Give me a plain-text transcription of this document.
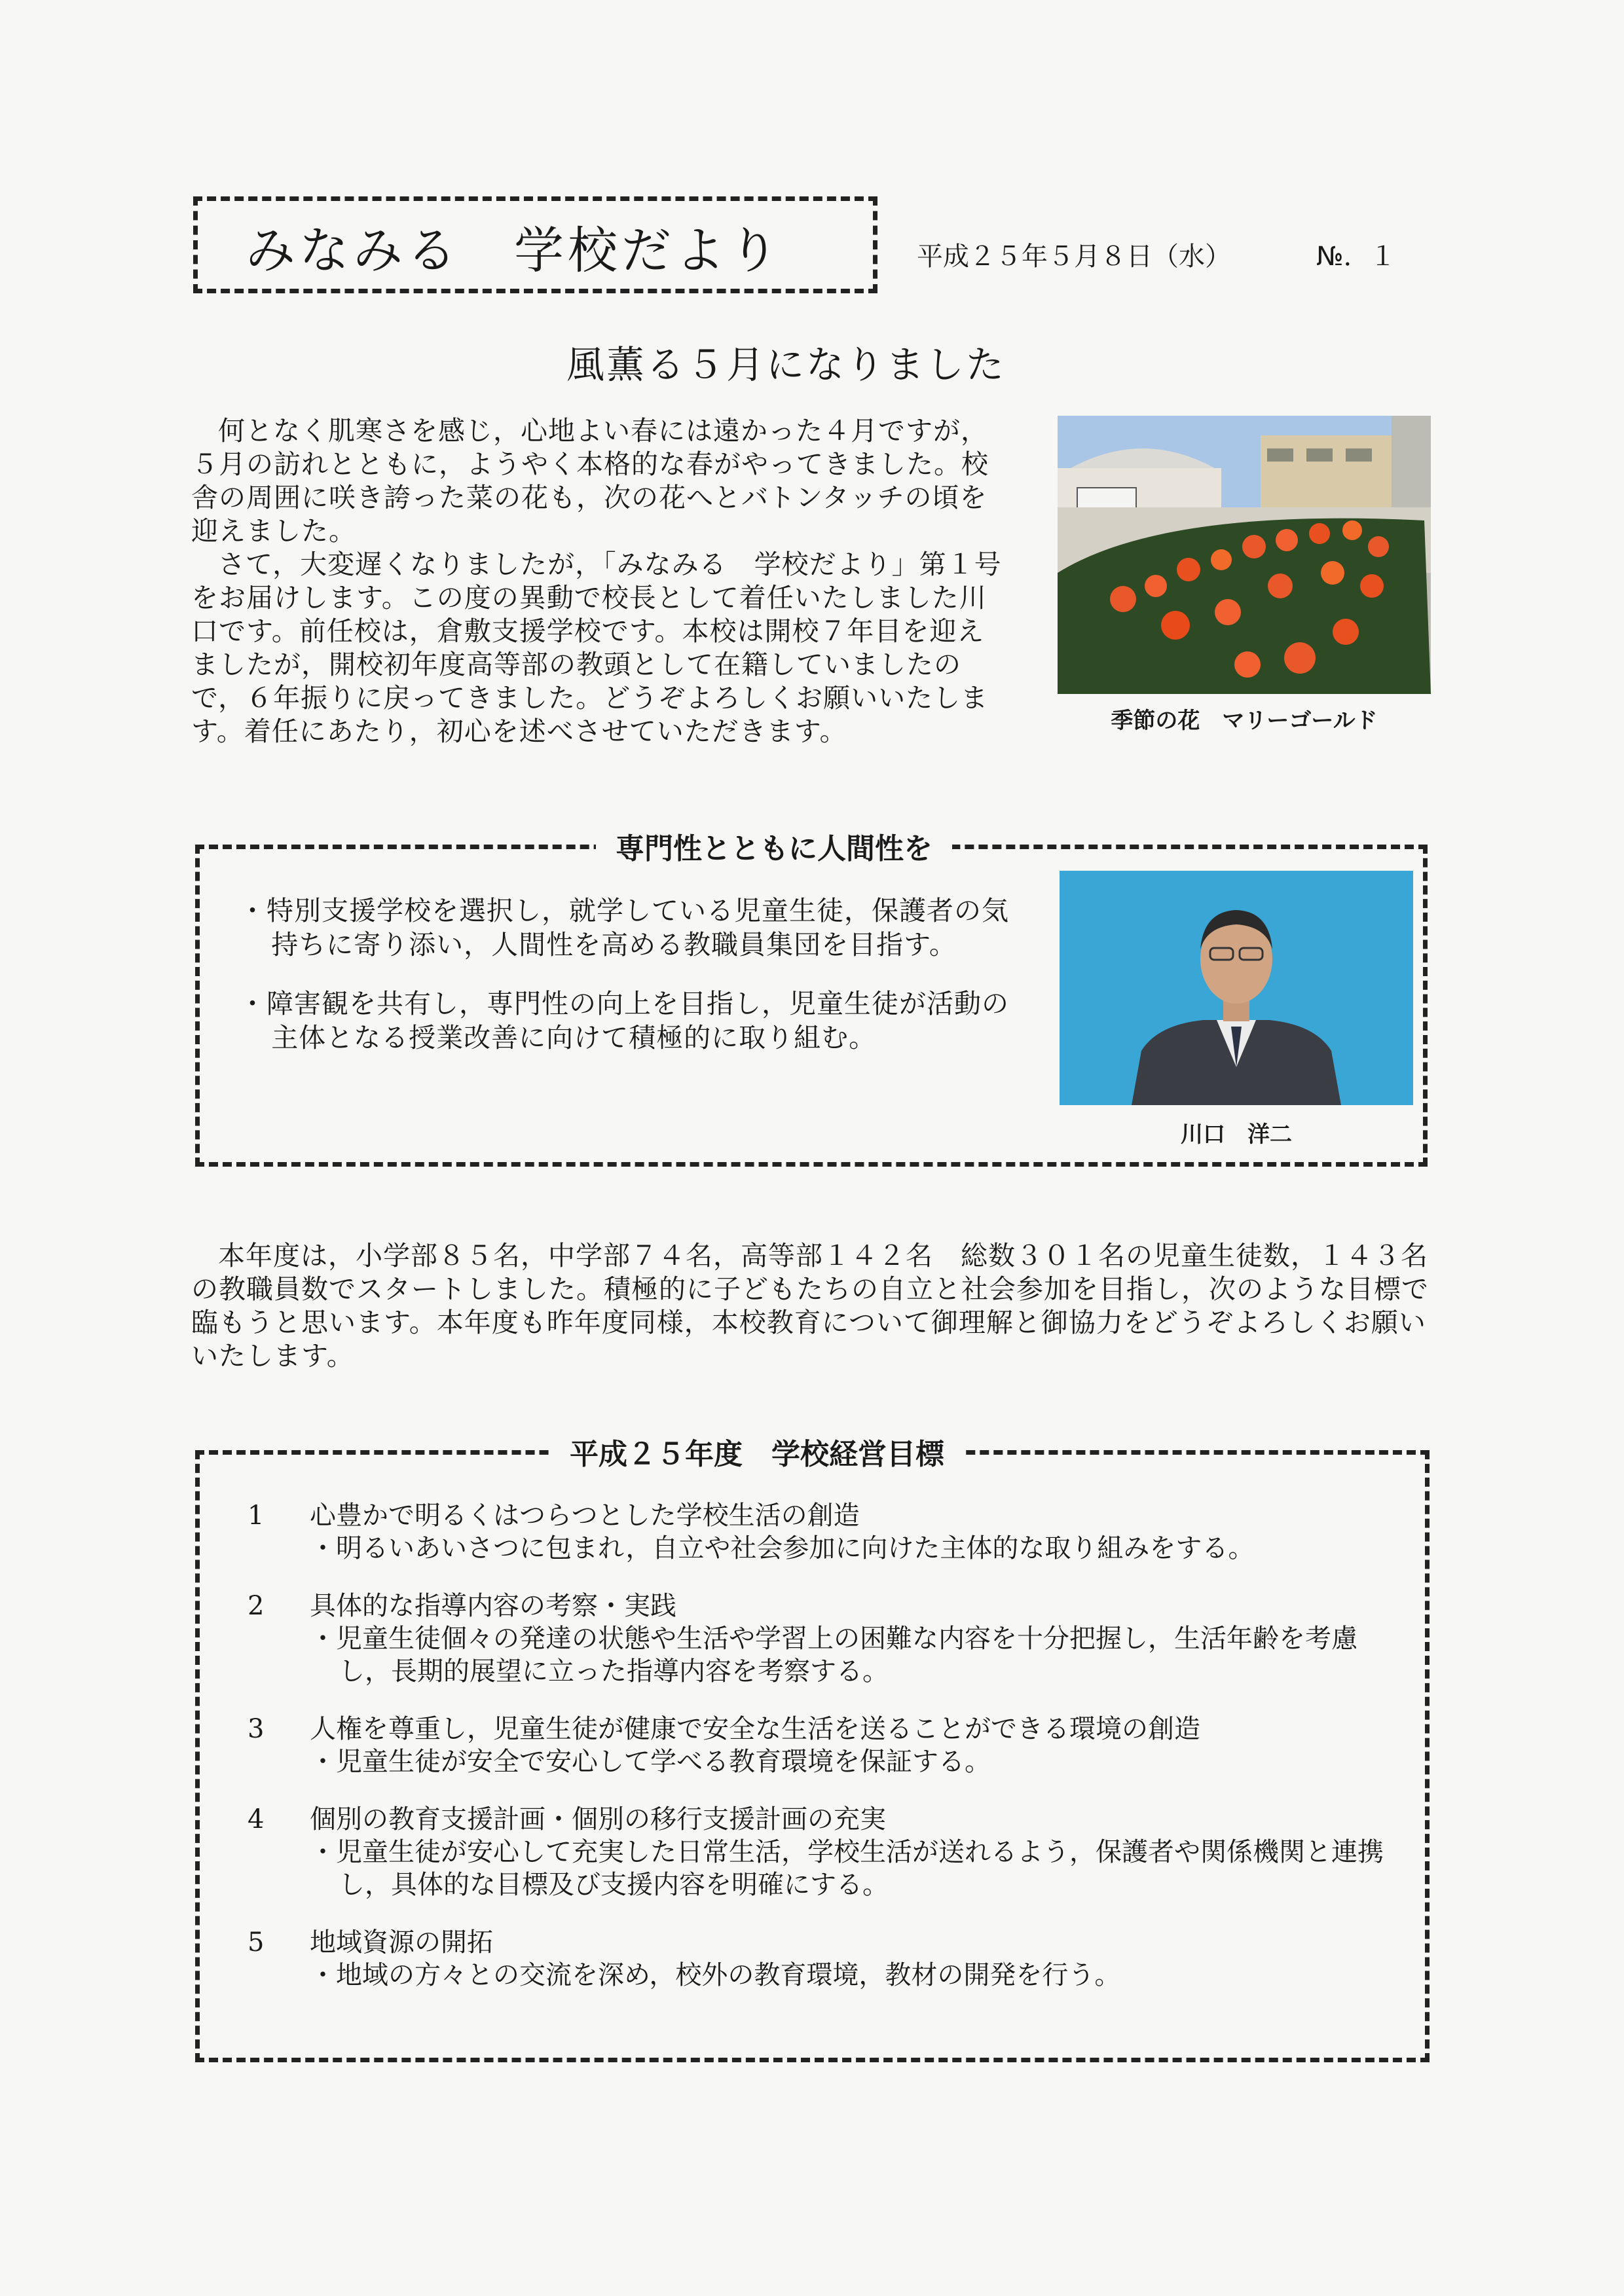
みなみる　学校だより	平成２５年５月８日（水）	№．１
風薫る５月になりました

何となく肌寒さを感じ，心地よい春には遠かった４月ですが，５月の訪れとともに，ようやく本格的な春がやってきました。校舎の周囲に咲き誇った菜の花も，次の花へとバトンタッチの頃を迎えました。

さて，大変遅くなりましたが，「みなみる　学校だより」第１号をお届けします。この度の異動で校長として着任いたしました川口です。前任校は，倉敷支援学校です。本校は開校７年目を迎えましたが，開校初年度高等部の教頭として在籍していましたので，６年振りに戻ってきました。どうぞよろしくお願いいたします。着任にあたり，初心を述べさせていただきます。	季節の花　マリーゴールド
専門性とともに人間性を

・特別支援学校を選択し，就学している児童生徒，保護者の気持ちに寄り添い，人間性を高める教職員集団を目指す。

・障害観を共有し，専門性の向上を目指し，児童生徒が活動の主体となる授業改善に向けて積極的に取り組む。

川口　洋二

本年度は，小学部８５名，中学部７４名，高等部１４２名　総数３０１名の児童生徒数，１４３名の教職員数でスタートしました。積極的に子どもたちの自立と社会参加を目指し，次のような目標で臨もうと思います。本年度も昨年度同様，本校教育について御理解と御協力をどうぞよろしくお願いいたします。

平成２５年度　学校経営目標
1	心豊かで明るくはつらつとした学校生活の創造

・明るいあいさつに包まれ，自立や社会参加に向けた主体的な取り組みをする。

2	具体的な指導内容の考察・実践

・児童生徒個々の発達の状態や生活や学習上の困難な内容を十分把握し，生活年齢を考慮し，長期的展望に立った指導内容を考察する。

3	人権を尊重し，児童生徒が健康で安全な生活を送ることができる環境の創造

・児童生徒が安全で安心して学べる教育環境を保証する。

4	個別の教育支援計画・個別の移行支援計画の充実

・児童生徒が安心して充実した日常生活，学校生活が送れるよう，保護者や関係機関と連携し，具体的な目標及び支援内容を明確にする。

5	地域資源の開拓

・地域の方々との交流を深め，校外の教育環境，教材の開発を行う。
